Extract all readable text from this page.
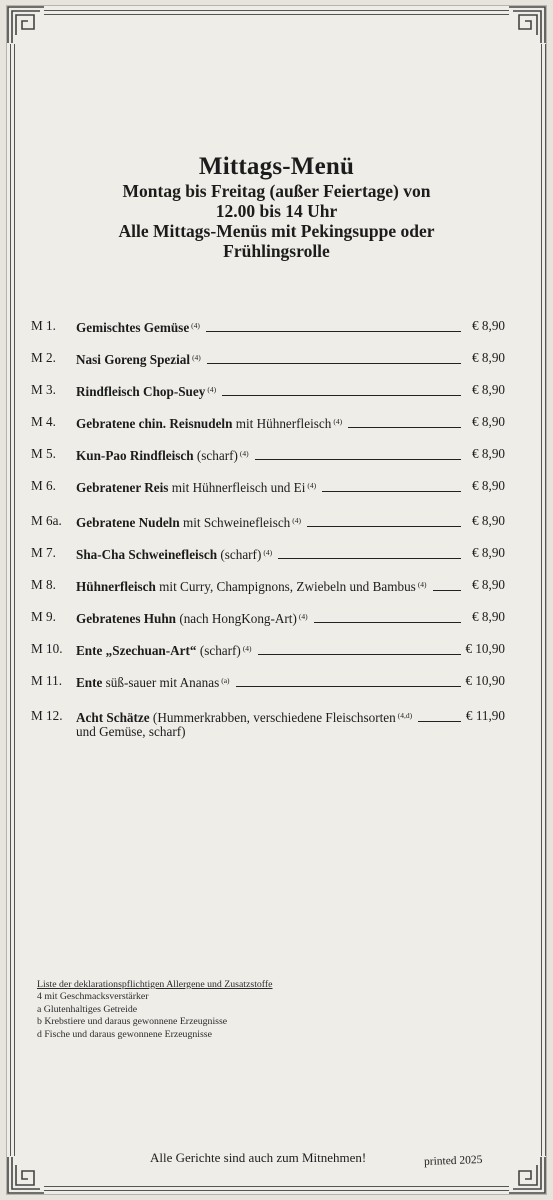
Mittags-Menü
Montag bis Freitag (außer Feiertage) von
12.00 bis 14 Uhr
Alle Mittags-Menüs mit Pekingsuppe oder
Frühlingsrolle
M 1. Gemischtes Gemüse $^{(4)}$	€ 8,90
M 2. Nasi Goreng Spezial $^{(4)}$	€ 8,90
M 3. Rindfleisch Chop-Suey $^{(4)}$	€ 8,90
M 4. Gebratene chin. Reisnudeln mit Hühnerfleisch $^{(4)}$	€ 8,90
M 5. Kun-Pao Rindfleisch (scharf) $^{(4)}$	€ 8,90
M 6. Gebratener Reis mit Hühnerfleisch und Ei $^{(4)}$	€ 8,90
M 6a. Gebratene Nudeln mit Schweinefleisch $^{(4)}$	€ 8,90
M 7. Sha-Cha Schweinefleisch (scharf) $^{(4)}$	€ 8,90
M 8. Hühnerfleisch mit Curry, Champignons, Zwiebeln und Bambus $^{(4)}$	€ 8,90
M 9. Gebratenes Huhn (nach HongKong-Art) $^{(4)}$	€ 8,90
M 10. Ente „Szechuan-Art“ (scharf) $^{(4)}$	€ 10,90
M 11. Ente süß-sauer mit Ananas $^{(a)}$	€ 10,90
M 12. Acht Schätze (Hummerkrabben, verschiedene Fleischsorten $^{(4,d)}$	€ 11,90
und Gemüse, scharf)
Liste der deklarationspflichtigen Allergene und Zusatzstoffe
4 mit Geschmacksverstärker
a Glutenhaltiges Getreide
b Krebstiere und daraus gewonnene Erzeugnisse
d Fische und daraus gewonnene Erzeugnisse
Alle Gerichte sind auch zum Mitnehmen!	printed 2025
